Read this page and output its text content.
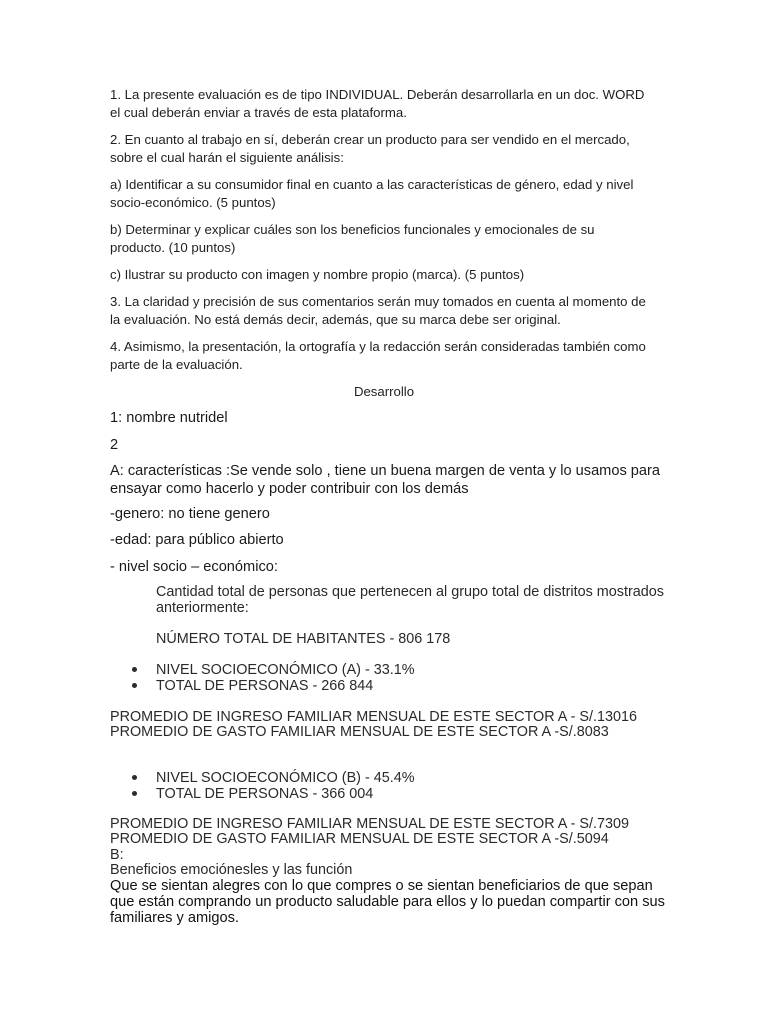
1. La presente evaluación es de tipo INDIVIDUAL. Deberán desarrollarla en un doc. WORD el cual deberán enviar a través de esta plataforma.

2. En cuanto al trabajo en sí, deberán crear un producto para ser vendido en el mercado, sobre el cual harán el siguiente análisis:

a) Identificar a su consumidor final en cuanto a las características de género, edad y nivel socio-económico. (5 puntos)

b) Determinar y explicar cuáles son los beneficios funcionales y emocionales de su producto. (10 puntos)

c) Ilustrar su producto con imagen y nombre propio (marca). (5 puntos)

3. La claridad y precisión de sus comentarios serán muy tomados en cuenta al momento de la evaluación. No está demás decir, además, que su marca debe ser original.

4. Asimismo, la presentación, la ortografía y la redacción serán consideradas también como parte de la evaluación.

Desarrollo

1: nombre nutridel

2

A: características :Se vende solo , tiene un buena margen de venta y lo usamos para ensayar como hacerlo y poder contribuir con los demás

-genero: no tiene genero

-edad: para público abierto

- nivel socio – económico:

Cantidad total de personas que pertenecen al grupo total de distritos mostrados anteriormente:

NÚMERO TOTAL DE HABITANTES - 806 178

NIVEL SOCIOECONÓMICO (A) - 33.1%
TOTAL DE PERSONAS - 266 844

PROMEDIO DE INGRESO FAMILIAR MENSUAL DE ESTE SECTOR A - S/.13016

PROMEDIO DE GASTO FAMILIAR MENSUAL DE ESTE SECTOR A -S/.8083

NIVEL SOCIOECONÓMICO (B) - 45.4%
TOTAL DE PERSONAS - 366 004

PROMEDIO DE INGRESO FAMILIAR MENSUAL DE ESTE SECTOR A - S/.7309

PROMEDIO DE GASTO FAMILIAR MENSUAL DE ESTE SECTOR A -S/.5094

B:

Beneficios emociónesles y las función

Que se sientan alegres con lo que compres o se sientan beneficiarios de que sepan que están comprando un producto saludable para ellos y lo puedan compartir con sus familiares y amigos.
